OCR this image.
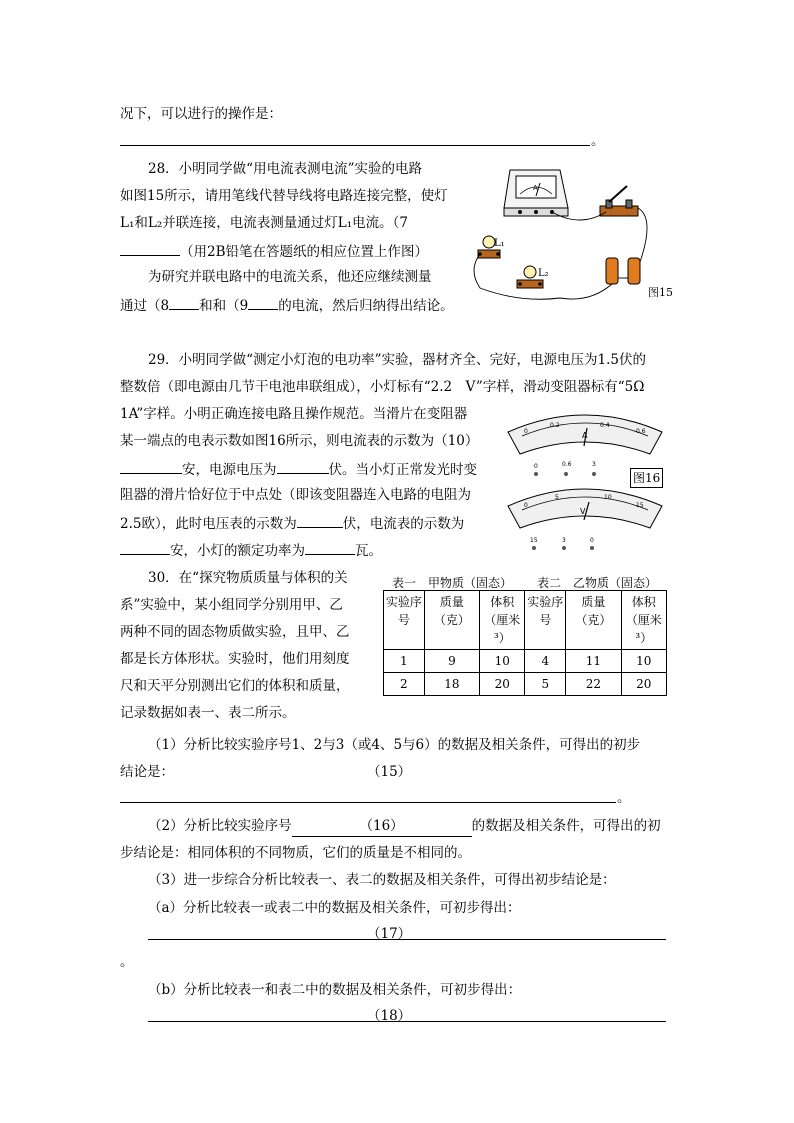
况下，可以进行的操作是：
。
28．小明同学做“用电流表测电流”实验的电路
如图15所示，请用笔线代替导线将电路连接完整，使灯
L₁和L₂并联连接，电流表测量通过灯L₁电流。（7
（用2B铅笔在答题纸的相应位置上作图）
为研究并联电路中的电流关系，他还应继续测量
通过（8 和和（9 的电流，然后归纳得出结论。
A
L₁
L₂
图15
29．小明同学做“测定小灯泡的电功率”实验，器材齐全、完好，电源电压为1.5伏的
整数倍（即电源由几节干电池串联组成），小灯标有“2.2　V”字样，滑动变阻器标有“5Ω
1A”字样。小明正确连接电路且操作规范。当滑片在变阻器
某一端点的电表示数如图16所示，则电流表的示数为（10）
安，电源电压为	伏。当小灯正常发光时变
阻器的滑片恰好位于中点处（即该变阻器连入电路的电阻为
2.5欧），此时电压表的示数为	伏，电流表的示数为
安，小灯的额定功率为	瓦。
0
0.2	0.4
0.6
A
0	0.6	3
0
5	10
15
V
15	3	0
图16
30．在“探究物质质量与体积的关
系”实验中，某小组同学分别用甲、乙
两种不同的固态物质做实验，且甲、乙
都是长方体形状。实验时，他们用刻度
尺和天平分别测出它们的体积和质量，
记录数据如表一、表二所示。
表一　甲物质（固态） 表二　乙物质（固态）
实验序号	质量（克）	体积（厘米³）	实验序号	质量（克）	体积（厘米³）
1	9	10	4	11	10
2	18	20	5	22	20
（1）分析比较实验序号1、2与3（或4、5与6）的数据及相关条件，可得出的初步
结论是：	（15）
。
（2）分析比较实验序号	（16）	的数据及相关条件，可得出的初
步结论是：相同体积的不同物质，它们的质量是不相同的。
（3）进一步综合分析比较表一、表二的数据及相关条件，可得出初步结论是：
（a）分析比较表一或表二中的数据及相关条件，可初步得出：
（17）
。
（b）分析比较表一和表二中的数据及相关条件，可初步得出：
（18）
